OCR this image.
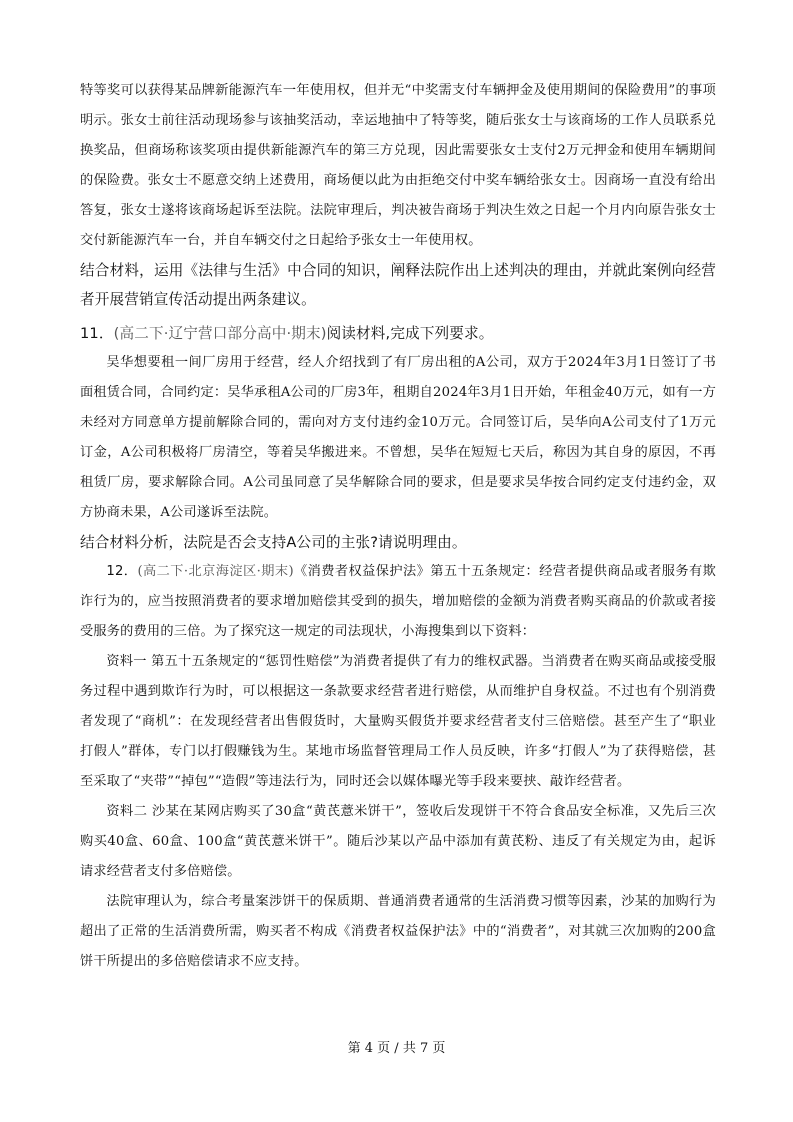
特等奖可以获得某品牌新能源汽车一年使用权，但并无“中奖需支付车辆押金及使用期间的保险费用”的事项明示。张女士前往活动现场参与该抽奖活动，幸运地抽中了特等奖，随后张女士与该商场的工作人员联系兑换奖品，但商场称该奖项由提供新能源汽车的第三方兑现，因此需要张女士支付2万元押金和使用车辆期间的保险费。张女士不愿意交纳上述费用，商场便以此为由拒绝交付中奖车辆给张女士。因商场一直没有给出答复，张女士遂将该商场起诉至法院。法院审理后，判决被告商场于判决生效之日起一个月内向原告张女士交付新能源汽车一台，并自车辆交付之日起给予张女士一年使用权。

结合材料，运用《法律与生活》中合同的知识，阐释法院作出上述判决的理由，并就此案例向经营者开展营销宣传活动提出两条建议。

11．(高二下·辽宁营口部分高中·期末)阅读材料,完成下列要求。

吴华想要租一间厂房用于经营，经人介绍找到了有厂房出租的A公司，双方于2024年3月1日签订了书面租赁合同，合同约定：吴华承租A公司的厂房3年，租期自2024年3月1日开始，年租金40万元，如有一方未经对方同意单方提前解除合同的，需向对方支付违约金10万元。合同签订后，吴华向A公司支付了1万元订金，A公司积极将厂房清空，等着吴华搬进来。不曾想，吴华在短短七天后，称因为其自身的原因，不再租赁厂房，要求解除合同。A公司虽同意了吴华解除合同的要求，但是要求吴华按合同约定支付违约金，双方协商未果，A公司遂诉至法院。

结合材料分析，法院是否会支持A公司的主张?请说明理由。

12．(高二下·北京海淀区·期末)《消费者权益保护法》第五十五条规定：经营者提供商品或者服务有欺诈行为的，应当按照消费者的要求增加赔偿其受到的损失，增加赔偿的金额为消费者购买商品的价款或者接受服务的费用的三倍。为了探究这一规定的司法现状，小海搜集到以下资料：

资料一 第五十五条规定的“惩罚性赔偿”为消费者提供了有力的维权武器。当消费者在购买商品或接受服务过程中遇到欺诈行为时，可以根据这一条款要求经营者进行赔偿，从而维护自身权益。不过也有个别消费者发现了“商机”：在发现经营者出售假货时，大量购买假货并要求经营者支付三倍赔偿。甚至产生了“职业打假人”群体，专门以打假赚钱为生。某地市场监督管理局工作人员反映，许多“打假人”为了获得赔偿，甚至采取了“夹带”“掉包”“造假”等违法行为，同时还会以媒体曝光等手段来要挟、敲诈经营者。

资料二 沙某在某网店购买了30盒“黄芪薏米饼干”，签收后发现饼干不符合食品安全标准，又先后三次购买40盒、60盒、100盒“黄芪薏米饼干”。随后沙某以产品中添加有黄芪粉、违反了有关规定为由，起诉请求经营者支付多倍赔偿。

法院审理认为，综合考量案涉饼干的保质期、普通消费者通常的生活消费习惯等因素，沙某的加购行为超出了正常的生活消费所需，购买者不构成《消费者权益保护法》中的“消费者”，对其就三次加购的200盒饼干所提出的多倍赔偿请求不应支持。

第 4 页 / 共 7 页
